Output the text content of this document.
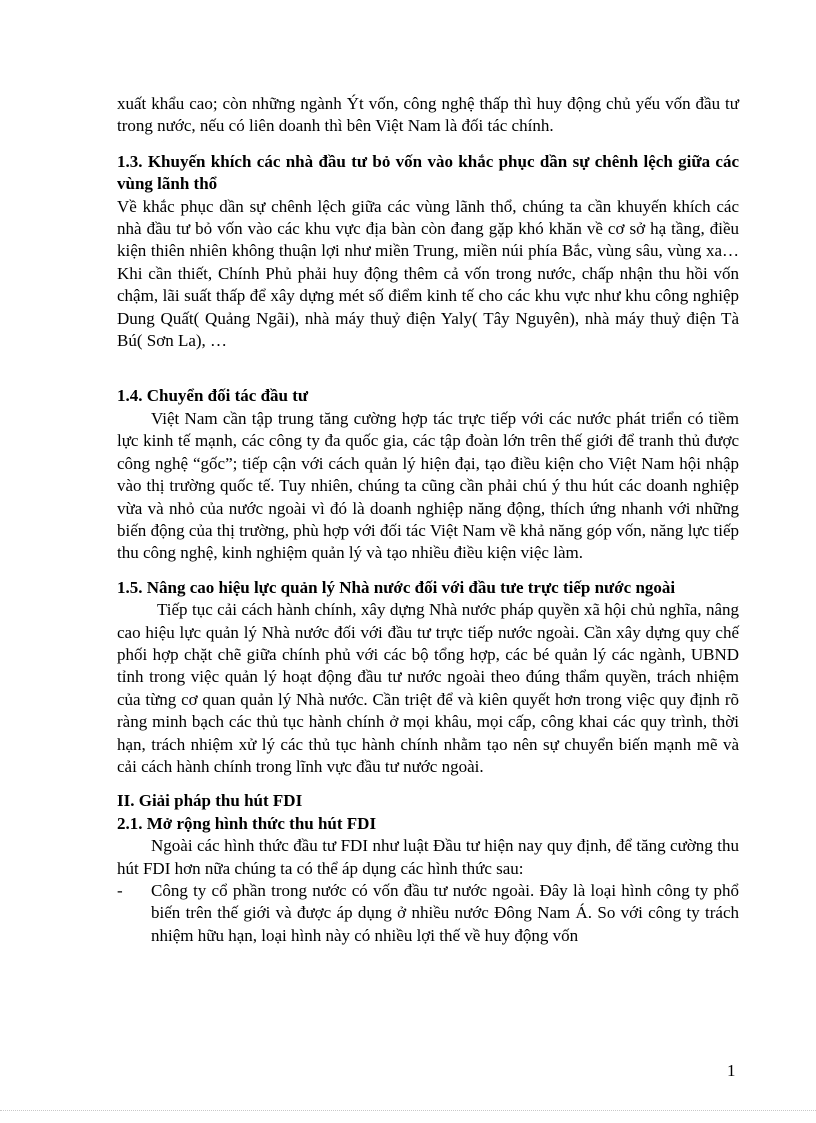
xuất khẩu cao; còn những ngành Ýt vốn, công nghệ thấp thì huy động chủ yếu vốn đầu tư trong nước, nếu có liên doanh thì bên Việt Nam là đối tác chính.

1.3. Khuyến khích các nhà đầu tư bỏ vốn vào khắc phục dần sự chênh lệch giữa các vùng lãnh thổ

Về khắc phục dần sự chênh lệch giữa các vùng lãnh thổ, chúng ta cần khuyến khích các nhà đầu tư bỏ vốn vào các khu vực địa bàn còn đang gặp khó khăn về cơ sở hạ tầng, điều kiện thiên nhiên không thuận lợi như miền Trung, miền núi phía Bắc, vùng sâu, vùng xa… Khi cần thiết, Chính Phủ phải huy động thêm cả vốn trong nước, chấp nhận thu hồi vốn chậm, lãi suất thấp để xây dựng mét số điểm kinh tế cho các khu vực như khu công nghiệp Dung Quất( Quảng Ngãi), nhà máy thuỷ điện Yaly( Tây Nguyên), nhà máy thuỷ điện Tà Bú( Sơn La), …

1.4. Chuyển đối tác đầu tư

Việt Nam cần tập trung tăng cường hợp tác trực tiếp với các nước phát triển có tiềm lực kinh tế mạnh, các công ty đa quốc gia, các tập đoàn lớn trên thế giới để tranh thủ được công nghệ “gốc”; tiếp cận với cách quản lý hiện đại, tạo điều kiện cho Việt Nam hội nhập vào thị trường quốc tế. Tuy nhiên, chúng ta cũng cần phải chú ý thu hút các doanh nghiệp vừa và nhỏ của nước ngoài vì đó là doanh nghiệp năng động, thích ứng nhanh với những biến động của thị trường, phù hợp với đối tác Việt Nam về khả năng góp vốn, năng lực tiếp thu công nghệ, kinh nghiệm quản lý và tạo nhiều điều kiện việc làm.

1.5. Nâng cao hiệu lực quản lý Nhà nước đối với đầu tưe trực tiếp nước ngoài

Tiếp tục cải cách hành chính, xây dựng Nhà nước pháp quyền xã hội chủ nghĩa, nâng cao hiệu lực quản lý Nhà nước đối với đầu tư trực tiếp nước ngoài. Cần xây dựng quy chế phối hợp chặt chẽ giữa chính phủ với các bộ tổng hợp, các bé quản lý các ngành, UBND tỉnh trong việc quản lý hoạt động đầu tư nước ngoài theo đúng thẩm quyền, trách nhiệm của từng cơ quan quản lý Nhà nước. Cần triệt để và kiên quyết hơn trong việc quy định rõ ràng minh bạch các thủ tục hành chính ở mọi khâu, mọi cấp, công khai các quy trình, thời hạn, trách nhiệm xử lý các thủ tục hành chính nhằm tạo nên sự chuyển biến mạnh mẽ và cải cách hành chính trong lĩnh vực đầu tư nước ngoài.

II. Giải pháp thu hút FDI
2.1. Mở rộng hình thức thu hút FDI

Ngoài các hình thức đầu tư FDI như luật Đầu tư hiện nay quy định, để tăng cường thu hút FDI hơn nữa chúng ta có thể áp dụng các hình thức sau:

- Công ty cổ phần trong nước có vốn đầu tư nước ngoài. Đây là loại hình công ty phổ biến trên thế giới và được áp dụng ở nhiều nước Đông Nam Á. So với công ty trách nhiệm hữu hạn, loại hình này có nhiều lợi thế về huy động vốn

1
